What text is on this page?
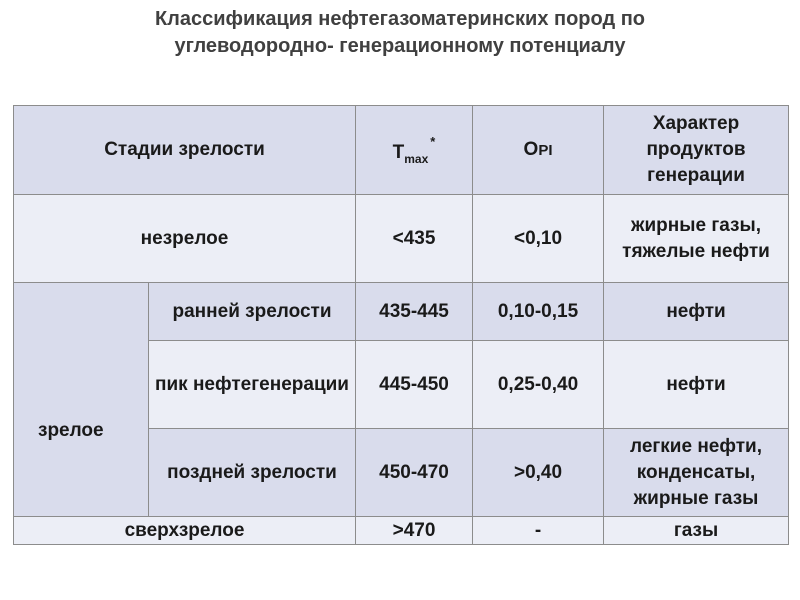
Классификация нефтегазоматеринских пород по
углеводородно- генерационному потенциалу
Стадии зрелости		$T_{max}^*$	OPI	Характер продуктов генерации
незрелое		<435	<0,10	жирные газы, тяжелые нефти
зрелое	ранней зрелости	435-445	0,10-0,15	нефти
	пик нефтегенерации	445-450	0,25-0,40	нефти
	поздней зрелости	450-470	>0,40	легкие нефти, конденсаты, жирные газы
сверхзрелое		>470	-	газы
